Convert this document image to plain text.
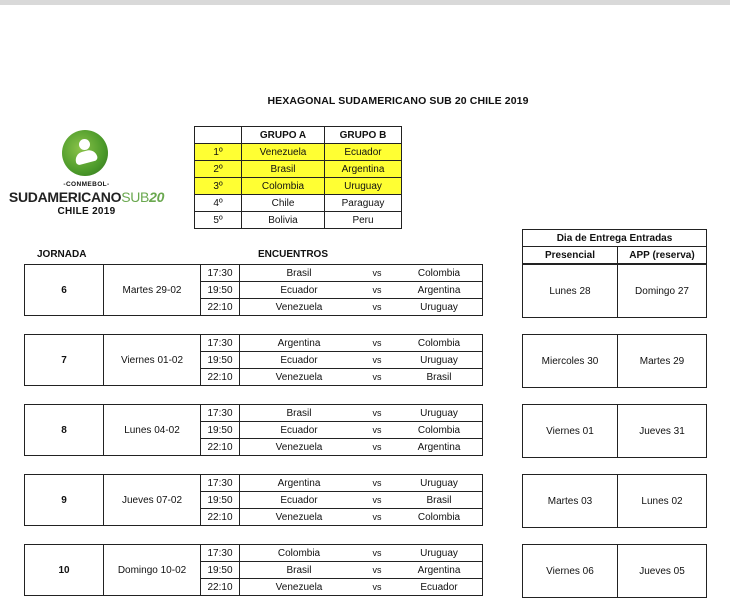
HEXAGONAL SUDAMERICANO SUB 20 CHILE 2019
-CONMEBOL-
SUDAMERICANOSUB20
CHILE 2019
	GRUPO A	GRUPO B
1º	Venezuela	Ecuador
2º	Brasil	Argentina
3º	Colombia	Uruguay
4º	Chile	Paraguay
5º	Bolivia	Peru
JORNADA	ENCUENTROS
Dia de Entrega Entradas
Presencial	APP (reserva)
6	Martes 29-02	17:30	Brasil	vs	Colombia
		19:50	Ecuador	vs	Argentina
		22:10	Venezuela	vs	Uruguay
Lunes 28	Domingo 27
7	Viernes 01-02	17:30	Argentina	vs	Colombia
		19:50	Ecuador	vs	Uruguay
		22:10	Venezuela	vs	Brasil
Miercoles 30	Martes 29
8	Lunes 04-02	17:30	Brasil	vs	Uruguay
		19:50	Ecuador	vs	Colombia
		22:10	Venezuela	vs	Argentina
Viernes 01	Jueves 31
9	Jueves 07-02	17:30	Argentina	vs	Uruguay
		19:50	Ecuador	vs	Brasil
		22:10	Venezuela	vs	Colombia
Martes 03	Lunes 02
10	Domingo 10-02	17:30	Colombia	vs	Uruguay
		19:50	Brasil	vs	Argentina
		22:10	Venezuela	vs	Ecuador
Viernes 06	Jueves 05
